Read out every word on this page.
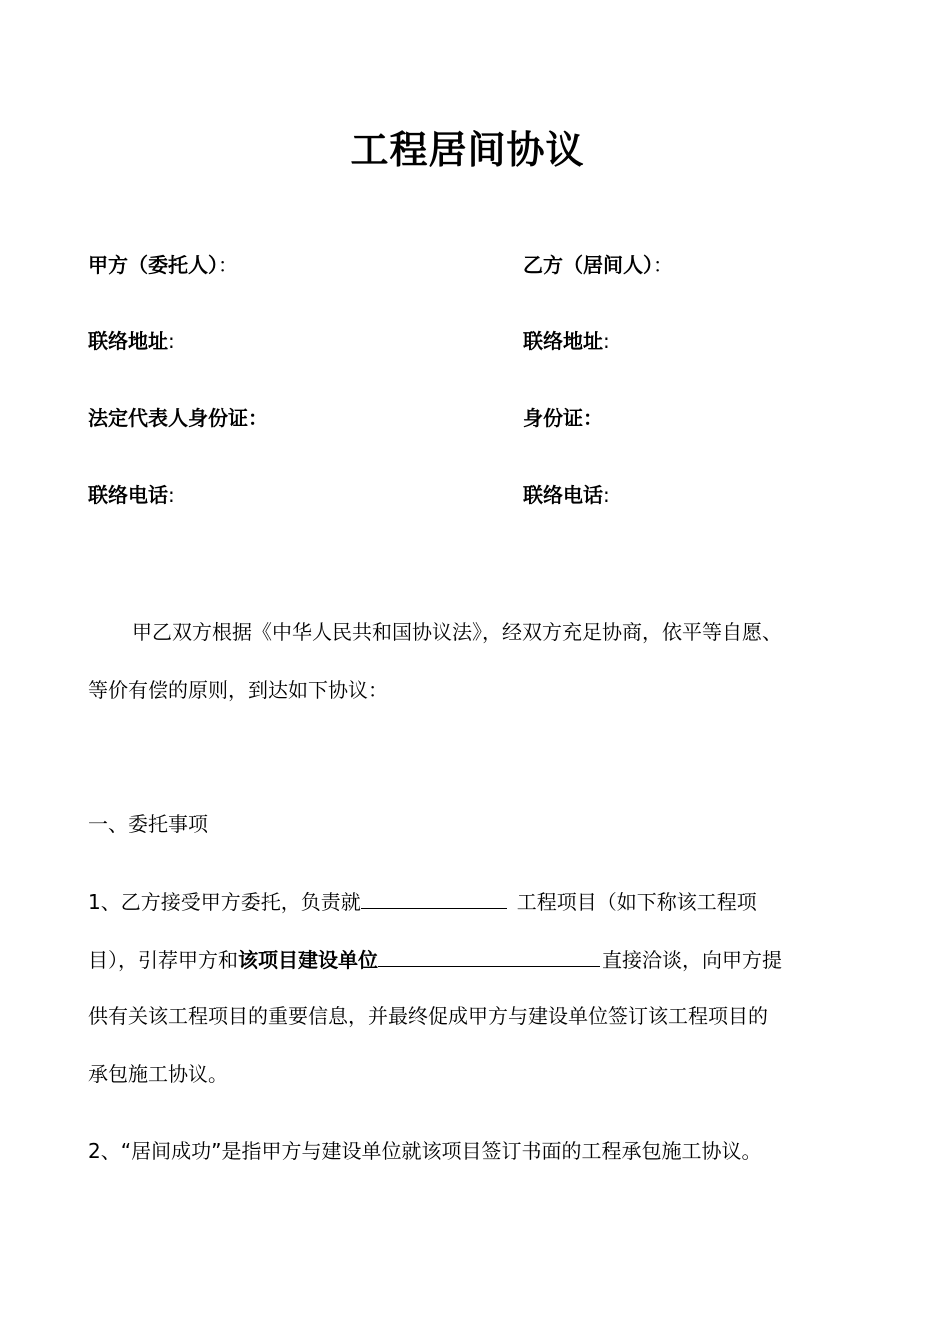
工程居间协议
甲方（委托人）：
联络地址:
法定代表人身份证：
联络电话:
乙方（居间人）：
联络地址:
身份证：
联络电话:
甲乙双方根据《中华人民共和国协议法》，经双方充足协商，依平等自愿、
等价有偿的原则，到达如下协议：
一、委托事项
1、乙方接受甲方委托，负责就	工程项目（如下称该工程项
目），引荐甲方和该项目建设单位	直接洽谈，向甲方提
供有关该工程项目的重要信息，并最终促成甲方与建设单位签订该工程项目的
承包施工协议。
2、“居间成功”是指甲方与建设单位就该项目签订书面的工程承包施工协议。
